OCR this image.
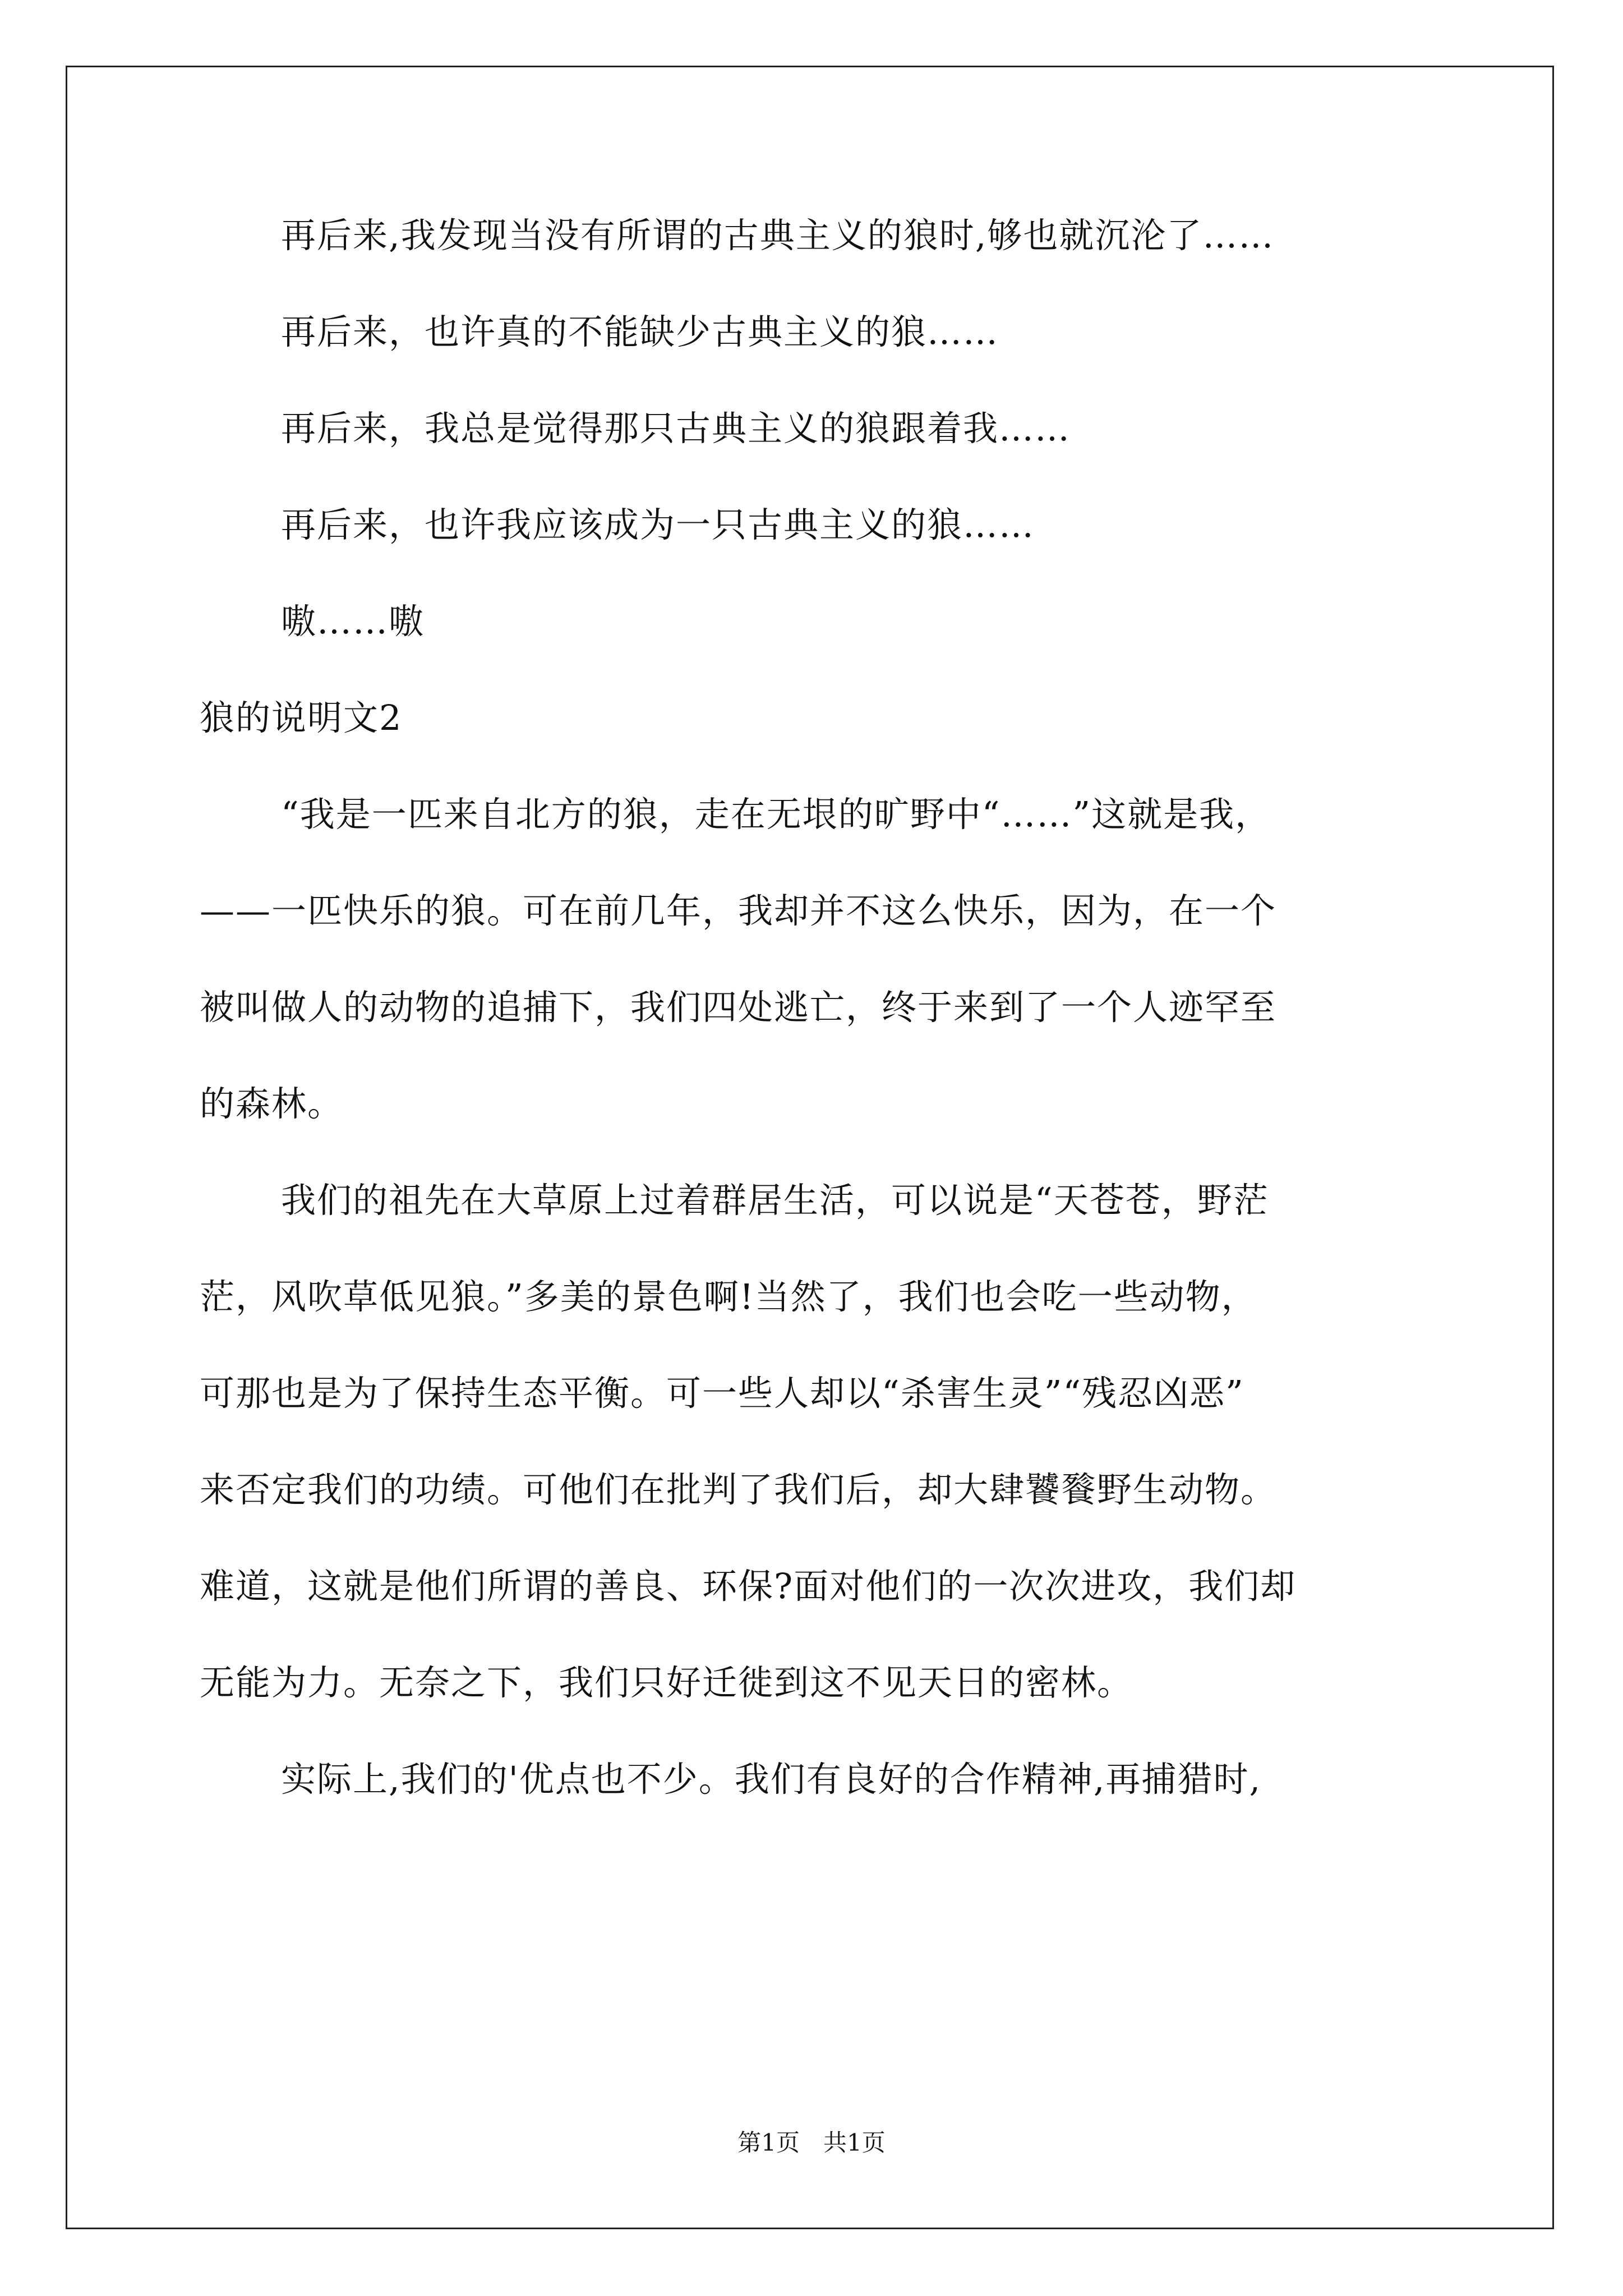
再后来,我发现当没有所谓的古典主义的狼时,够也就沉沦了……
再后来，也许真的不能缺少古典主义的狼……
再后来，我总是觉得那只古典主义的狼跟着我……
再后来，也许我应该成为一只古典主义的狼……
嗷……嗷
狼的说明文2
“我是一匹来自北方的狼，走在无垠的旷野中“……”这就是我，
——一匹快乐的狼。可在前几年，我却并不这么快乐，因为，在一个
被叫做人的动物的追捕下，我们四处逃亡，终于来到了一个人迹罕至
的森林。
我们的祖先在大草原上过着群居生活，可以说是“天苍苍，野茫
茫，风吹草低见狼。”多美的景色啊!当然了，我们也会吃一些动物，
可那也是为了保持生态平衡。可一些人却以“杀害生灵”“残忍凶恶”
来否定我们的功绩。可他们在批判了我们后，却大肆饕餮野生动物。
难道，这就是他们所谓的善良、环保?面对他们的一次次进攻，我们却
无能为力。无奈之下，我们只好迁徙到这不见天日的密林。
实际上,我们的'优点也不少。我们有良好的合作精神,再捕猎时,
第1页　共1页
